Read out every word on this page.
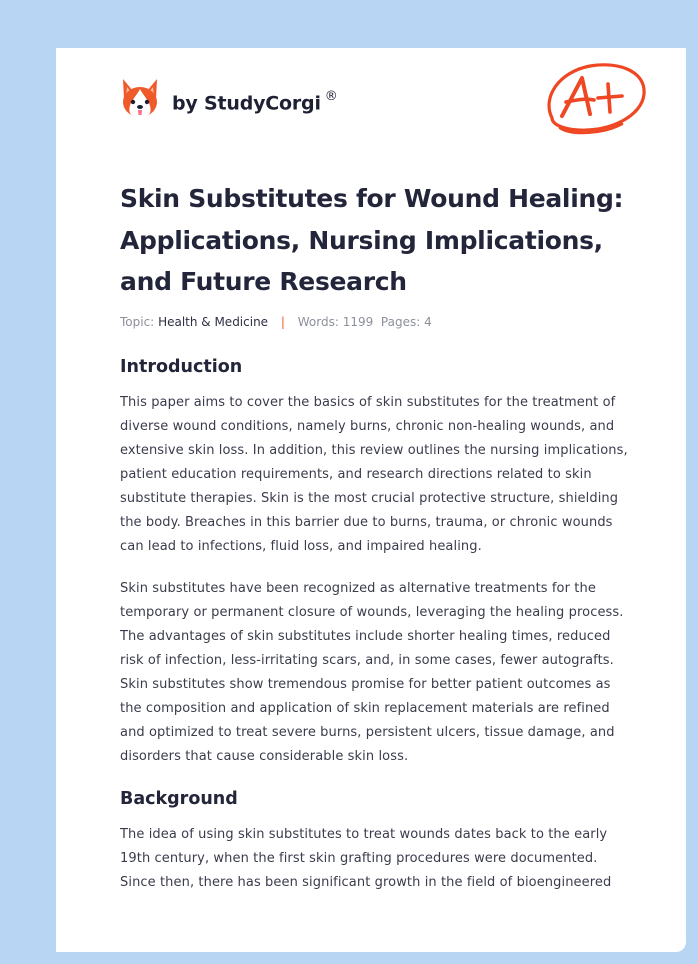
by StudyCorgi ®
Skin Substitutes for Wound Healing: Applications, Nursing Implications, and Future Research
Topic: Health & Medicine | Words: 1199 Pages: 4
Introduction

This paper aims to cover the basics of skin substitutes for the treatment of diverse wound conditions, namely burns, chronic non-healing wounds, and extensive skin loss. In addition, this review outlines the nursing implications, patient education requirements, and research directions related to skin substitute therapies. Skin is the most crucial protective structure, shielding the body. Breaches in this barrier due to burns, trauma, or chronic wounds can lead to infections, fluid loss, and impaired healing.

Skin substitutes have been recognized as alternative treatments for the temporary or permanent closure of wounds, leveraging the healing process. The advantages of skin substitutes include shorter healing times, reduced risk of infection, less-irritating scars, and, in some cases, fewer autografts. Skin substitutes show tremendous promise for better patient outcomes as the composition and application of skin replacement materials are refined and optimized to treat severe burns, persistent ulcers, tissue damage, and disorders that cause considerable skin loss.

Background

The idea of using skin substitutes to treat wounds dates back to the early 19th century, when the first skin grafting procedures were documented. Since then, there has been significant growth in the field of bioengineered
